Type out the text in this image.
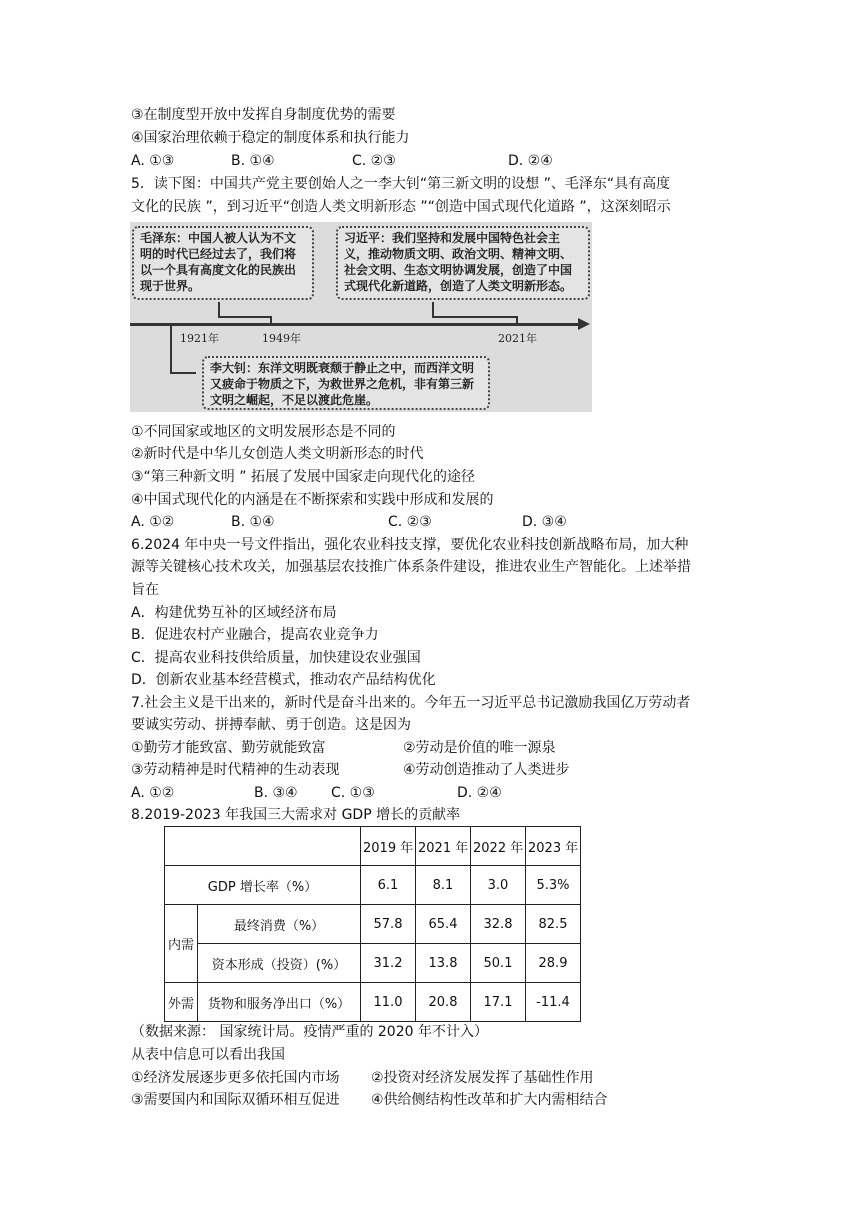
③在制度型开放中发挥自身制度优势的需要
④国家治理依赖于稳定的制度体系和执行能力
A. ①③	B. ①④	C. ②③	D. ②④
5．读下图：中国共产党主要创始人之一李大钊“第三新文明的设想 ”、毛泽东“具有高度
文化的民族 ”，到习近平“创造人类文明新形态 ”“创造中国式现代化道路 ”，这深刻昭示
毛泽东：中国人被人认为不文明的时代已经过去了，我们将以一个具有高度文化的民族出现于世界。
习近平：我们坚持和发展中国特色社会主义，推动物质文明、政治文明、精神文明、社会文明、生态文明协调发展，创造了中国式现代化新道路，创造了人类文明新形态。
1921年	1949年	2021年
李大钊：东洋文明既衰颓于静止之中，而西洋文明又疲命于物质之下，为救世界之危机，非有第三新文明之崛起，不足以渡此危崖。
①不同国家或地区的文明发展形态是不同的
②新时代是中华儿女创造人类文明新形态的时代
③“第三种新文明 ” 拓展了发展中国家走向现代化的途径
④中国式现代化的内涵是在不断探索和实践中形成和发展的
A. ①②	B. ①④	C. ②③	D. ③④
6.2024 年中央一号文件指出，强化农业科技支撑，要优化农业科技创新战略布局，加大种
源等关键核心技术攻关，加强基层农技推广体系条件建设，推进农业生产智能化。上述举措
旨在
A．构建优势互补的区域经济布局
B．促进农村产业融合，提高农业竞争力
C．提高农业科技供给质量，加快建设农业强国
D．创新农业基本经营模式，推动农产品结构优化
7.社会主义是干出来的，新时代是奋斗出来的。今年五一习近平总书记激励我国亿万劳动者
要诚实劳动、拼搏奉献、勇于创造。这是因为
①勤劳才能致富、勤劳就能致富	②劳动是价值的唯一源泉
③劳动精神是时代精神的生动表现	④劳动创造推动了人类进步
A. ①②	B. ③④ C. ①③	D. ②④
8.2019-2023 年我国三大需求对 GDP 增长的贡献率
		2019 年	2021 年	2022 年	2023 年
GDP 增长率（%）		6.1	8.1	3.0	5.3%
内需	最终消费（%）	57.8	65.4	32.8	82.5
	资本形成（投资）(%）	31.2	13.8	50.1	28.9
外需	货物和服务净出口（%）	11.0	20.8	17.1	-11.4
（数据来源： 国家统计局。疫情严重的 2020 年不计入）
从表中信息可以看出我国
①经济发展逐步更多依托国内市场 ②投资对经济发展发挥了基础性作用
③需要国内和国际双循环相互促进 ④供给侧结构性改革和扩大内需相结合
